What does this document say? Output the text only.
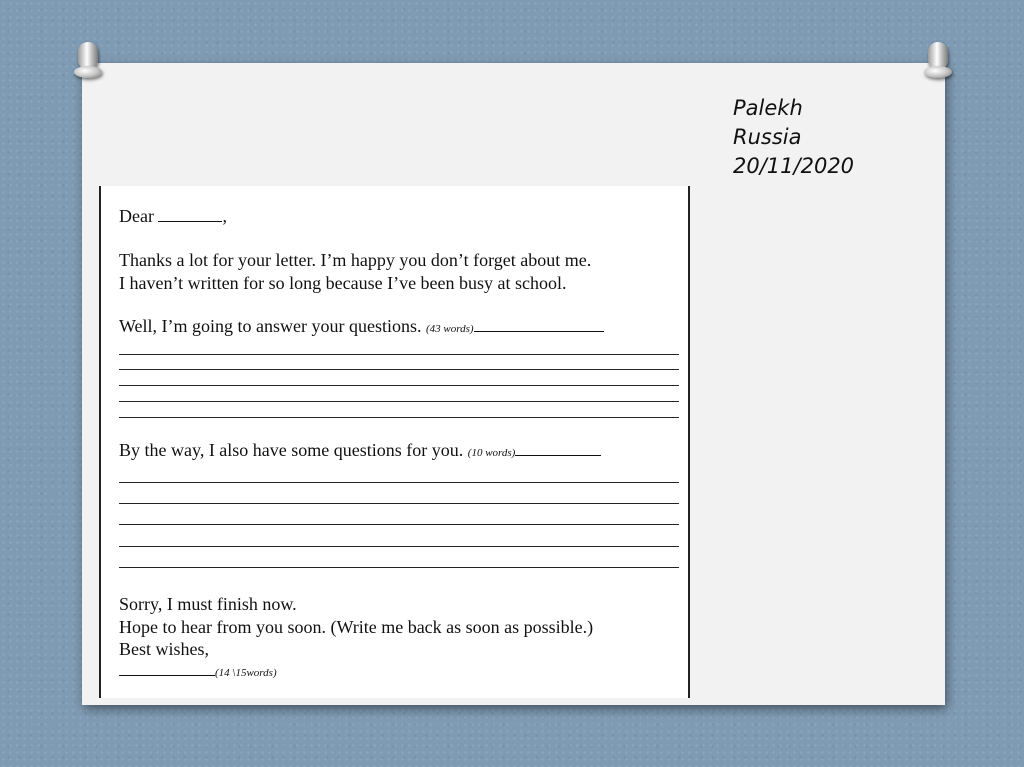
Palekh
Russia
20/11/2020
Dear	,
Thanks a lot for your letter. I’m happy you don’t forget about me.
I haven’t written for so long because I’ve been busy at school.
Well, I’m going to answer your questions. (43 words)
By the way, I also have some questions for you. (10 words)
Sorry, I must finish now.
Hope to hear from you soon. (Write me back as soon as possible.)
Best wishes,
(14 \15words)
